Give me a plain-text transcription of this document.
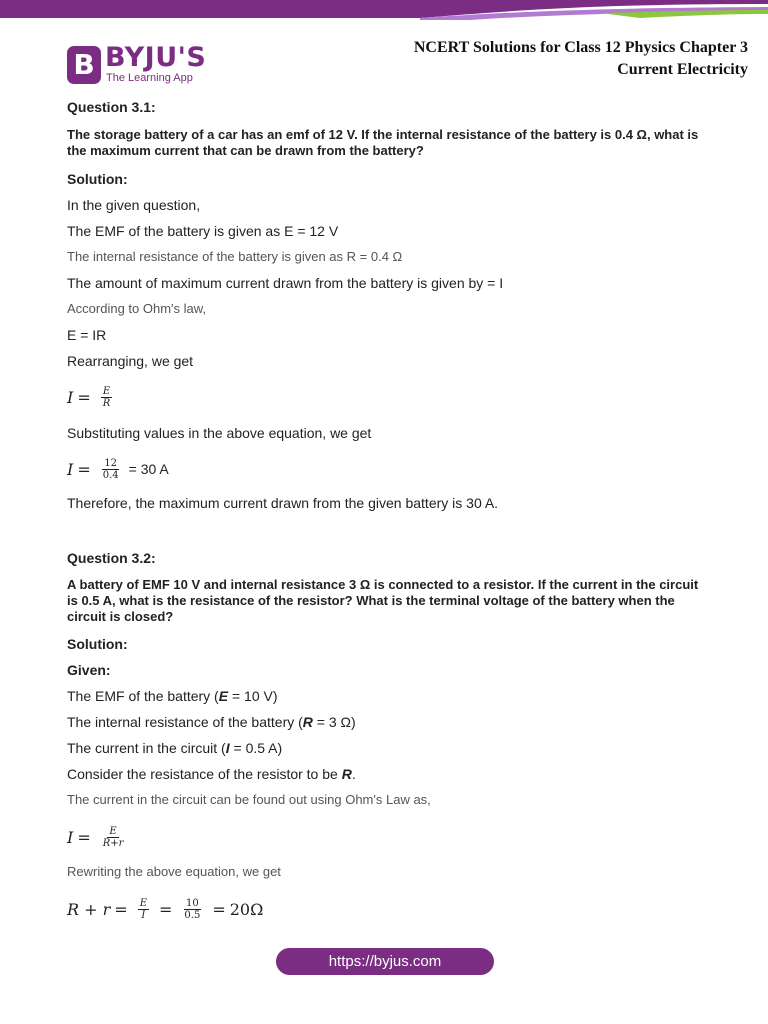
B BYJU'S
The Learning App
NCERT Solutions for Class 12 Physics Chapter 3
Current Electricity

Question 3.1:

The storage battery of a car has an emf of 12 V. If the internal resistance of the battery is 0.4 Ω, what is the maximum current that can be drawn from the battery?

Solution:

In the given question,

The EMF of the battery is given as E = 12 V

The internal resistance of the battery is given as R = 0.4 Ω

The amount of maximum current drawn from the battery is given by = I

According to Ohm's law,

E = IR

Rearranging, we get

$I = \frac{E}{R}$

Substituting values in the above equation, we get

$I = \frac{12}{0.4} = 30$ A

Therefore, the maximum current drawn from the given battery is 30 A.

Question 3.2:

A battery of EMF 10 V and internal resistance 3 Ω is connected to a resistor. If the current in the circuit is 0.5 A, what is the resistance of the resistor? What is the terminal voltage of the battery when the circuit is closed?

Solution:

Given:

The EMF of the battery (E = 10 V)

The internal resistance of the battery (R = 3 Ω)

The current in the circuit (I = 0.5 A)

Consider the resistance of the resistor to be R.

The current in the circuit can be found out using Ohm's Law as,

$I = \frac{E}{R+r}$

Rewriting the above equation, we get

$R + r = \frac{E}{I} = \frac{10}{0.5} = 20\Omega$
https://byjus.com
